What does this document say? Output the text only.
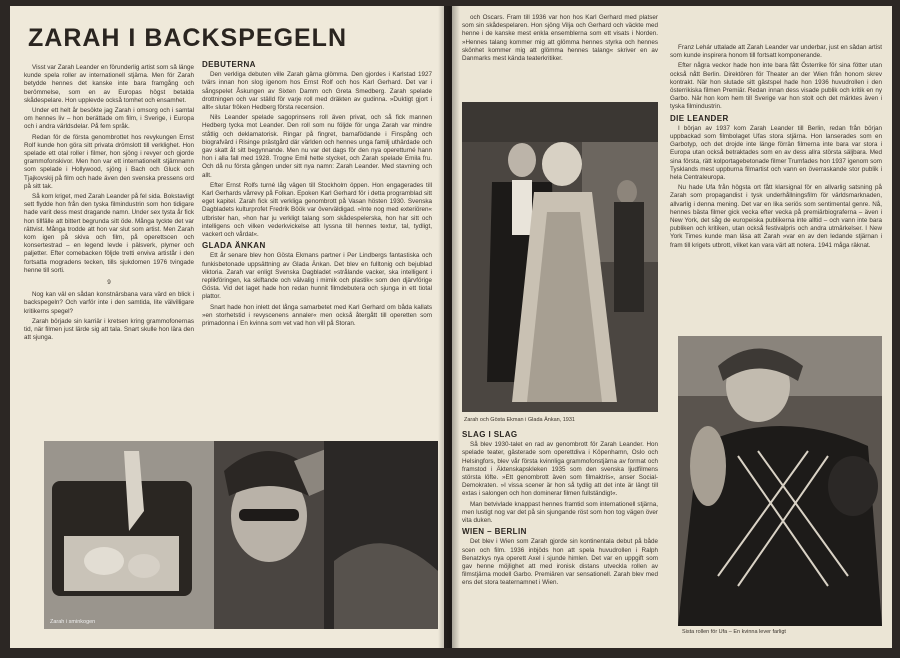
ZARAH I BACKSPEGELN

Visst var Zarah Leander en förunderlig artist som så länge kunde spela roller av internationell stjärna. Men för Zarah betydde hennes det kanske inte bara framgång och berömmelse, som en av Europas högst betalda skådespelare. Hon upplevde också tomhet och ensamhet.

Under ett helt år besökte jag Zarah i omsorg och i samtal om hennes liv – hon berättade om film, i Sverige, i Europa och i andra världsdelar. På fem språk.

Redan för de första genombrottet hos revykungen Ernst Rolf kunde hon göra sitt privata drömslott till verklighet. Hon spelade ett otal roller i filmer, hon sjöng i revyer och gjorde grammofonskivor. Men hon var ett internationellt stjärnnamn som spelade i Hollywood, sjöng i Bach och Gluck och Tjajkovskij på film och hade även den svenska pressens ord på sitt tak.

Så kom kriget, med Zarah Leander på fel sida. Bokstavligt sett flydde hon från den tyska filmindustrin som hon tidigare hade varit dess mest dragande namn. Under sex tysta år fick hon tillfälle att bittert begrunda sitt öde. Många tyckte det var rättvist. Många trodde att hon var slut som artist. Men Zarah kom igen på skiva och film, på operettscen och konsertestrad – en legend levde i pälsverk, plymer och paljetter. Efter comebacken följde tretti enviva artistår i den fortsatta mogradens tecken, tills sjukdomen 1976 tvingade henne till sorti.

9

Nog kan väl en sådan konstnärsbana vara värd en blick i backspegeln? Och varför inte i den samtida, lite välvilligare kritikerns spegel?

Zarah började sin karriär i kretsen kring grammofonernas tid, när filmen just lärde sig att tala. Snart skulle hon lära den att sjunga.

DEBUTERNA

Den verkliga debuten ville Zarah gärna glömma. Den gjordes i Karlstad 1927 tvärs innan hon slog igenom hos Ernst Rolf och hos Karl Gerhard. Det var i sångspelet Åskungen av Sixten Damm och Greta Smedberg. Zarah spelade drottningen och var ställd för varje roll med dräkten av gudinna. »Duktigt gjort i allt« slutar fröken Hedberg första recension.

Nils Leander spelade sagoprinsens roll även privat, och så fick mannen Hedberg tycka mot Leander. Den roll som nu följde för unga Zarah var mindre ståtlig och deklamatorisk. Ringar på fingret, barnafödande i Finspång och biografvärd i Risinge prästgård där världen och hennes unga familj uthärdade och gav skatt åt sitt begynnande. Men nu var det dags för den nya operetturné hann hon i alla fall med 1928. Trogne Emil hette stycket, och Zarah spelade Emila fru. Och då nu första gången under sitt nya namn: Zarah Leander. Med stavning och allt.

Efter Ernst Rolfs turné låg vägen till Stockholm öppen. Hon engagerades till Karl Gerhards vårrevy på Folkan. Epoken Karl Gerhard för i detta programblad sitt eget kapitel. Zarah fick sitt verkliga genombrott på Vasan hösten 1930. Svenska Dagbladets kulturprofet Fredrik Böök var överväldigad. »Inte nog med exteriören« utbrister han, »hon har ju verkligt talang som skådespelerska, hon har sitt och intelligens och vilken vederkvickelse att lyssna till hennes textur, tal, tydligt, vackert och vårdat«.

GLADA ÄNKAN

Ett år senare blev hon Gösta Ekmans partner i Per Lindbergs fantastiska och funkisbetonade uppsättning av Glada Änkan. Det blev en fulltonig och bejublad viktoria. Zarah var enligt Svenska Dagbladet »strålande vacker, ska intelligent i replikföringen, ka skiftande och välvalig i mimik och plastik« som den djärvförige Gösta. Vid det laget hade hon redan hunnit filmdebutera och sjunga in ett tiotal plattor.

Snart hade hon inlett det långa samarbetet med Karl Gerhard om båda kallats »en storhetstid i revyscenens annaler« men också återgått till operetten som primadonna i En kvinna som vet vad hon vill på Storan.

Zarah i sminkogen

och Oscars. Fram till 1936 var hon hos Karl Gerhard med platser som sin skådespelaren. Hon sjöng Vilja och Gerhard och väckte med henne i de kanske mest enkla ensemblerna som ett visats i Norden. »Hennes talang kommer mig att glömma hennes styrka och hennes skönhet kommer mig att glömma hennes talang« skriver en av Danmarks mest kända teaterkritiker.

Zarah och Gösta Ekman i Glada Änkan, 1931
SLAG I SLAG

Så blev 1930-talet en rad av genombrott för Zarah Leander. Hon spelade teater, gästerade som operettdiva i Köpenhamn, Oslo och Helsingfors, blev vår första kvinnliga grammofonstjärna av format och framstod i Äktenskapskleken 1935 som den svenska ljudfilmens största löfte. »Ett genombrott även som filmaktris«, anser Social-Demokraten. »I vissa scener är hon så tydlig att det inte är längt till extas i salongen och hon dominerar filmen fullständigt«.

Man betvivlade knappast hennes framtid som internationell stjärna, men lustigt nog var det på sin sjungande röst som hon tog vägen över vita duken.

WIEN – BERLIN

Det blev i Wien som Zarah gjorde sin kontinentala debut på både scen och film. 1936 inbjöds hon att spela huvudrollen i Ralph Benatzkys nya operett Axel i sjunde himlen. Det var en uppgift som gav henne möjlighet att med ironisk distans utveckla rollen av filmstjärna modell Garbo. Premiären var sensationell. Zarah blev med ens det stora teaternamnet i Wien.

Franz Lehár uttalade att Zarah Leander var underbar, just en sådan artist som kunde inspirera honom till fortsatt komponerande.

Efter några veckor hade hon inte bara fått Österrike för sina fötter utan också nått Berlin. Direktören för Theater an der Wien från honom skrev kontrakt. När hon slutade sitt gästspel hade hon 1936 huvudrollen i den österrikiska filmen Premiär. Redan innan dess visade publik och kritik en ny Garbo. När hon kom hem till Sverige var hon stolt och det märktes även i tyska filmindustrin.

DIE LEANDER

I början av 1937 kom Zarah Leander till Berlin, redan från början uppbackad som filmbolaget Ufas stora stjärna. Hon lanserades som en Garbotyp, och det drojde inte länge förrän filmerna inte bara var stora i Europa utan också betraktades som en av dess allra största säljbara. Med sina första, rätt kolportagebetonade filmer Trumfades hon 1937 igenom som Tysklands mest uppburna filmartist och vann en överraskande stor publik i hela Centraleuropa.

Nu hade Ufa från högsta ort fått klarsignal för en allvarlig satsning på Zarah som propagandist i tysk underhållningsfilm för världsmarknaden, allvarlig i denna mening. Det var en lika seriös som sentimental genre. Nå, hennes bästa filmer gick vecka efter vecka på premiärbiograferna – även i New York, det såg de europeiska publikerna inte alltid – och vann inte bara publiken och kritiken, utan också festivalpris och andra utmärkelser. I New York Times kunde man läsa att Zarah »var en av den ledande stjärnan i fram till krigets utbrott, vilket kan vara värt att notera. 1941 måga räknat.

Sista rollen för Ufa – En kvinna lever farligt
